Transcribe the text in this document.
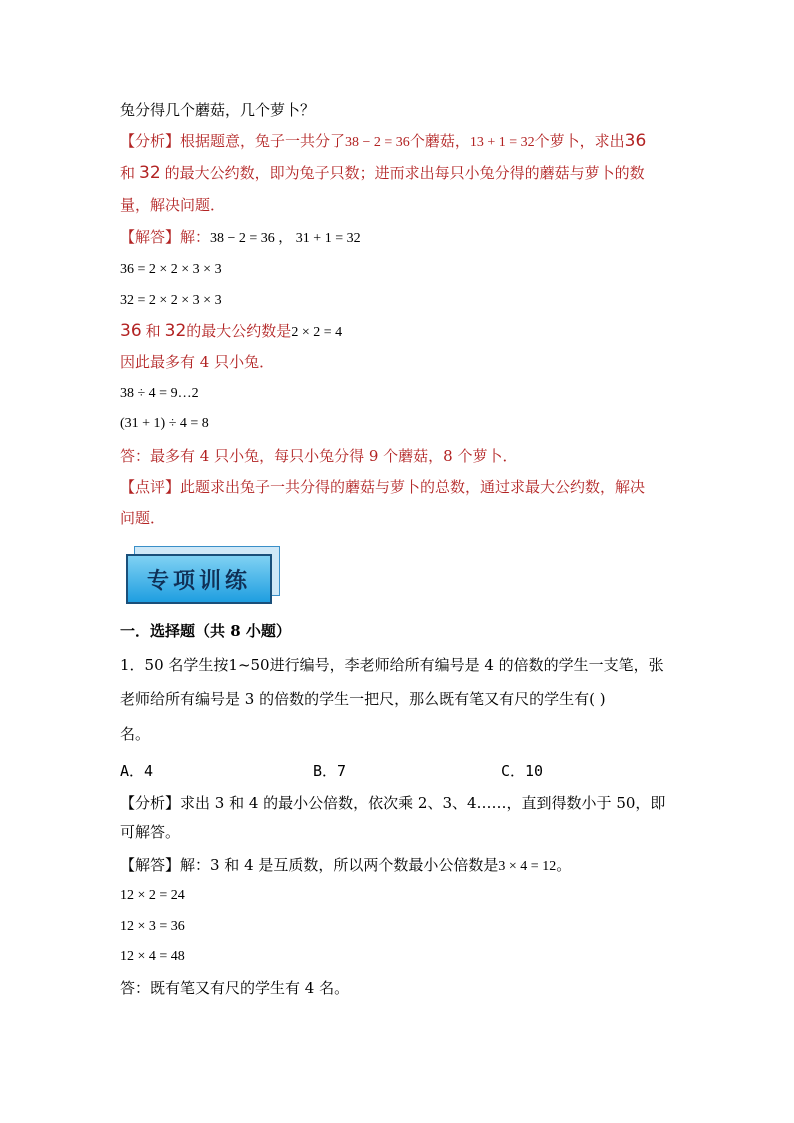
兔分得几个蘑菇，几个萝卜？
【分析】根据题意，兔子一共分了38 − 2 = 36个蘑菇，13 + 1 = 32个萝卜，求出36
和 32 的最大公约数，即为兔子只数；进而求出每只小兔分得的蘑菇与萝卜的数
量，解决问题．
【解答】解：38 − 2 = 36 ， 31 + 1 = 32
36 = 2 × 2 × 3 × 3
32 = 2 × 2 × 3 × 3
36 和 32的最大公约数是2 × 2 = 4
因此最多有 4 只小兔．
38 ÷ 4 = 9…2
(31 + 1) ÷ 4 = 8
答：最多有 4 只小兔，每只小兔分得 9 个蘑菇，8 个萝卜．
【点评】此题求出兔子一共分得的蘑菇与萝卜的总数，通过求最大公约数，解决
问题．
专项训练
一．选择题（共 8 小题）
1．50 名学生按1~50进行编号，李老师给所有编号是 4 的倍数的学生一支笔，张
老师给所有编号是 3 的倍数的学生一把尺，那么既有笔又有尺的学生有( )
名。
A．4	B．7	C．10
【分析】求出 3 和 4 的最小公倍数，依次乘 2、3、4……，直到得数小于 50，即
可解答。
【解答】解：3 和 4 是互质数，所以两个数最小公倍数是3 × 4 = 12。
12 × 2 = 24
12 × 3 = 36
12 × 4 = 48
答：既有笔又有尺的学生有 4 名。
